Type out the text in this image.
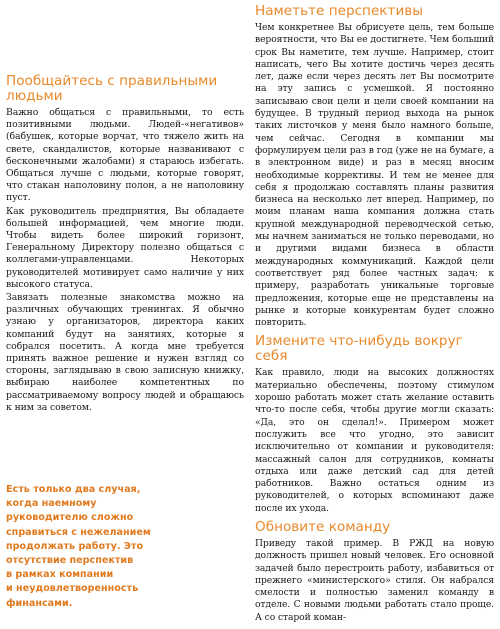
Пообщайтесь с правильными
людьми

Важно общаться с правильными, то есть позитивными людьми. Людей-«негативов» (бабушек, которые ворчат, что тяжело жить на свете, скандалистов, которые названивают с бесконечными жалобами) я стараюсь избегать. Общаться лучше с людьми, которые говорят, что стакан наполовину полон, а не наполовину пуст.

Как руководитель предприятия, Вы обладаете большей информацией, чем многие люди. Чтобы видеть более широкий горизонт, Генеральному Директору полезно общаться с коллегами-управленцами. Некоторых руководителей мотивирует само наличие у них высокого статуса.

Завязать полезные знакомства можно на различных обучающих тренингах. Я обычно узнаю у организаторов, директора каких компаний будут на занятиях, которые я собрался посетить. А когда мне требуется принять важное решение и нужен взгляд со стороны, заглядываю в свою записную книжку, выбираю наиболее компетентных по рассматриваемому вопросу людей и обращаюсь к ним за советом.

Есть только два случая,
когда наемному
руководителю сложно
справиться с нежеланием
продолжать работу. Это
отсутствие перспектив
в рамках компании
и неудовлетворенность
финансами.
Наметьте перспективы

Чем конкретнее Вы обрисуете цель, тем больше вероятности, что Вы ее достигнете. Чем больший срок Вы наметите, тем лучше. Например, стоит написать, чего Вы хотите достичь через десять лет, даже если через десять лет Вы посмотрите на эту запись с усмешкой. Я постоянно записываю свои цели и цели своей компании на будущее. В трудный период выхода на рынок таких листочков у меня было намного больше, чем сейчас. Сегодня в компании мы формулируем цели раз в год (уже не на бумаге, а в электронном виде) и раз в месяц вносим необходимые коррективы. И тем не менее для себя я продолжаю составлять планы развития бизнеса на несколько лет вперед. Например, по моим планам наша компания должна стать крупной международной переводческой сетью, мы начнем заниматься не только переводами, но и другими видами бизнеса в области международных коммуникаций. Каждой цели соответствует ряд более частных задач: к примеру, разработать уникальные торговые предложения, которые еще не представлены на рынке и которые конкурентам будет сложно повторить.

Измените что-нибудь вокруг себя

Как правило, люди на высоких должностях материально обеспечены, поэтому стимулом хорошо работать может стать желание оставить что-то после себя, чтобы другие могли сказать: «Да, это он сделал!». Примером может послужить все что угодно, это зависит исключительно от компании и руководителя: массажный салон для сотрудников, комнаты отдыха или даже детский сад для детей работников. Важно остаться одним из руководителей, о которых вспоминают даже после их ухода.

Обновите команду

Приведу такой пример. В РЖД на новую должность пришел новый человек. Его основной задачей было перестроить работу, избавиться от прежнего «министерского» стиля. Он набрался смелости и полностью заменил команду в отделе. С новыми людьми работать стало проще. А со старой коман-
